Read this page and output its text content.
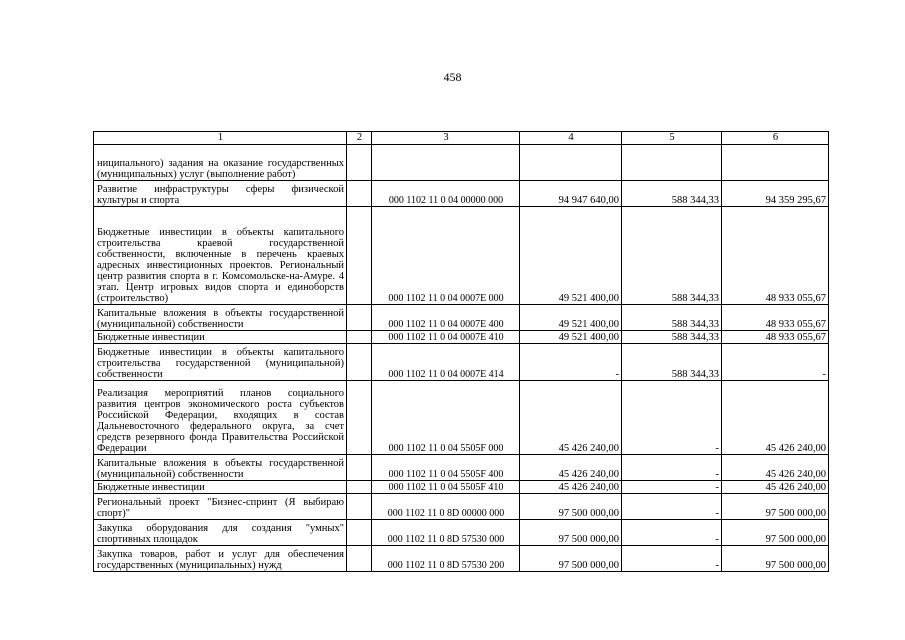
458
1	2	3	4	5	6
ниципального) задания на оказание государственных (муниципальных) услуг (выполнение работ)					
Развитие инфраструктуры сферы физической культуры и спорта		000 1102 11 0 04 00000 000	94 947 640,00	588 344,33	94 359 295,67
Бюджетные инвестиции в объекты капитального строительства краевой государственной собственности, включенные в перечень краевых адресных инвестиционных проектов. Региональный центр развития спорта в г. Комсомольске-на-Амуре. 4 этап. Центр игровых видов спорта и единоборств (строительство)		000 1102 11 0 04 0007Е 000	49 521 400,00	588 344,33	48 933 055,67
Капитальные вложения в объекты государственной (муниципальной) собственности		000 1102 11 0 04 0007Е 400	49 521 400,00	588 344,33	48 933 055,67
Бюджетные инвестиции		000 1102 11 0 04 0007Е 410	49 521 400,00	588 344,33	48 933 055,67
Бюджетные инвестиции в объекты капитального строительства государственной (муниципальной) собственности		000 1102 11 0 04 0007Е 414	-	588 344,33	-
Реализация мероприятий планов социального развития центров экономического роста субъектов Российской Федерации, входящих в состав Дальневосточного федерального округа, за счет средств резервного фонда Правительства Российской Федерации		000 1102 11 0 04 5505F 000	45 426 240,00	-	45 426 240,00
Капитальные вложения в объекты государственной (муниципальной) собственности		000 1102 11 0 04 5505F 400	45 426 240,00	-	45 426 240,00
Бюджетные инвестиции		000 1102 11 0 04 5505F 410	45 426 240,00	-	45 426 240,00
Региональный проект "Бизнес-спринт (Я выбираю спорт)"		000 1102 11 0 8D 00000 000	97 500 000,00	-	97 500 000,00
Закупка оборудования для создания "умных" спортивных площадок		000 1102 11 0 8D 57530 000	97 500 000,00	-	97 500 000,00
Закупка товаров, работ и услуг для обеспечения государственных (муниципальных) нужд		000 1102 11 0 8D 57530 200	97 500 000,00	-	97 500 000,00
